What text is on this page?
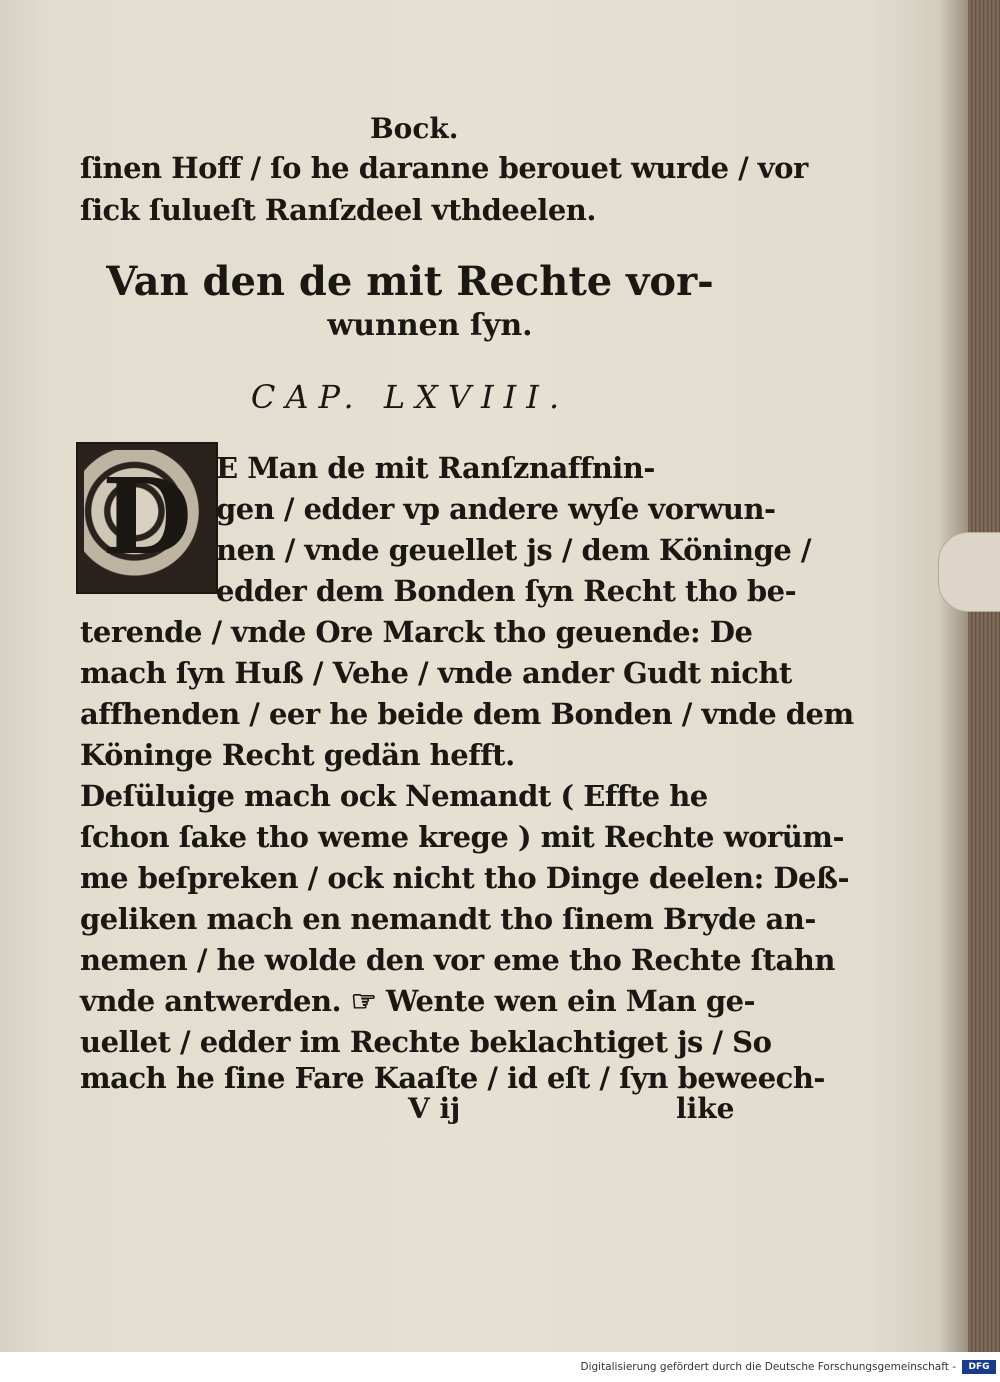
Bock.
ſinen Hoff / ſo he daranne berouet wurde / vor
ſick ſulueſt Ranſzdeel vthdeelen.
Van den de mit Rechte vor-
wunnen ſyn.
CAP. LXVIII.
D E Man de mit Ranſznaffnin-
gen / edder vp andere wyſe vorwun-
nen / vnde geuellet js / dem Köninge /
edder dem Bonden ſyn Recht tho be-
terende / vnde Ore Marck tho geuende: De
mach ſyn Huß / Vehe / vnde ander Gudt nicht
affhenden / eer he beide dem Bonden / vnde dem
Köninge Recht gedän hefft.
Deſüluige mach ock Nemandt ( Effte he
ſchon ſake tho weme krege ) mit Rechte worüm-
me beſpreken / ock nicht tho Dinge deelen: Deß-
geliken mach en nemandt tho ſinem Bryde an-
nemen / he wolde den vor eme tho Rechte ſtahn
vnde antwerden. ☞ Wente wen ein Man ge-
uellet / edder im Rechte beklachtiget js / So
mach he ſine Fare Kaaſte / id eſt / ſyn beweech-
V ij	like
Digitalisierung gefördert durch die Deutsche Forschungsgemeinschaft -	DFG
